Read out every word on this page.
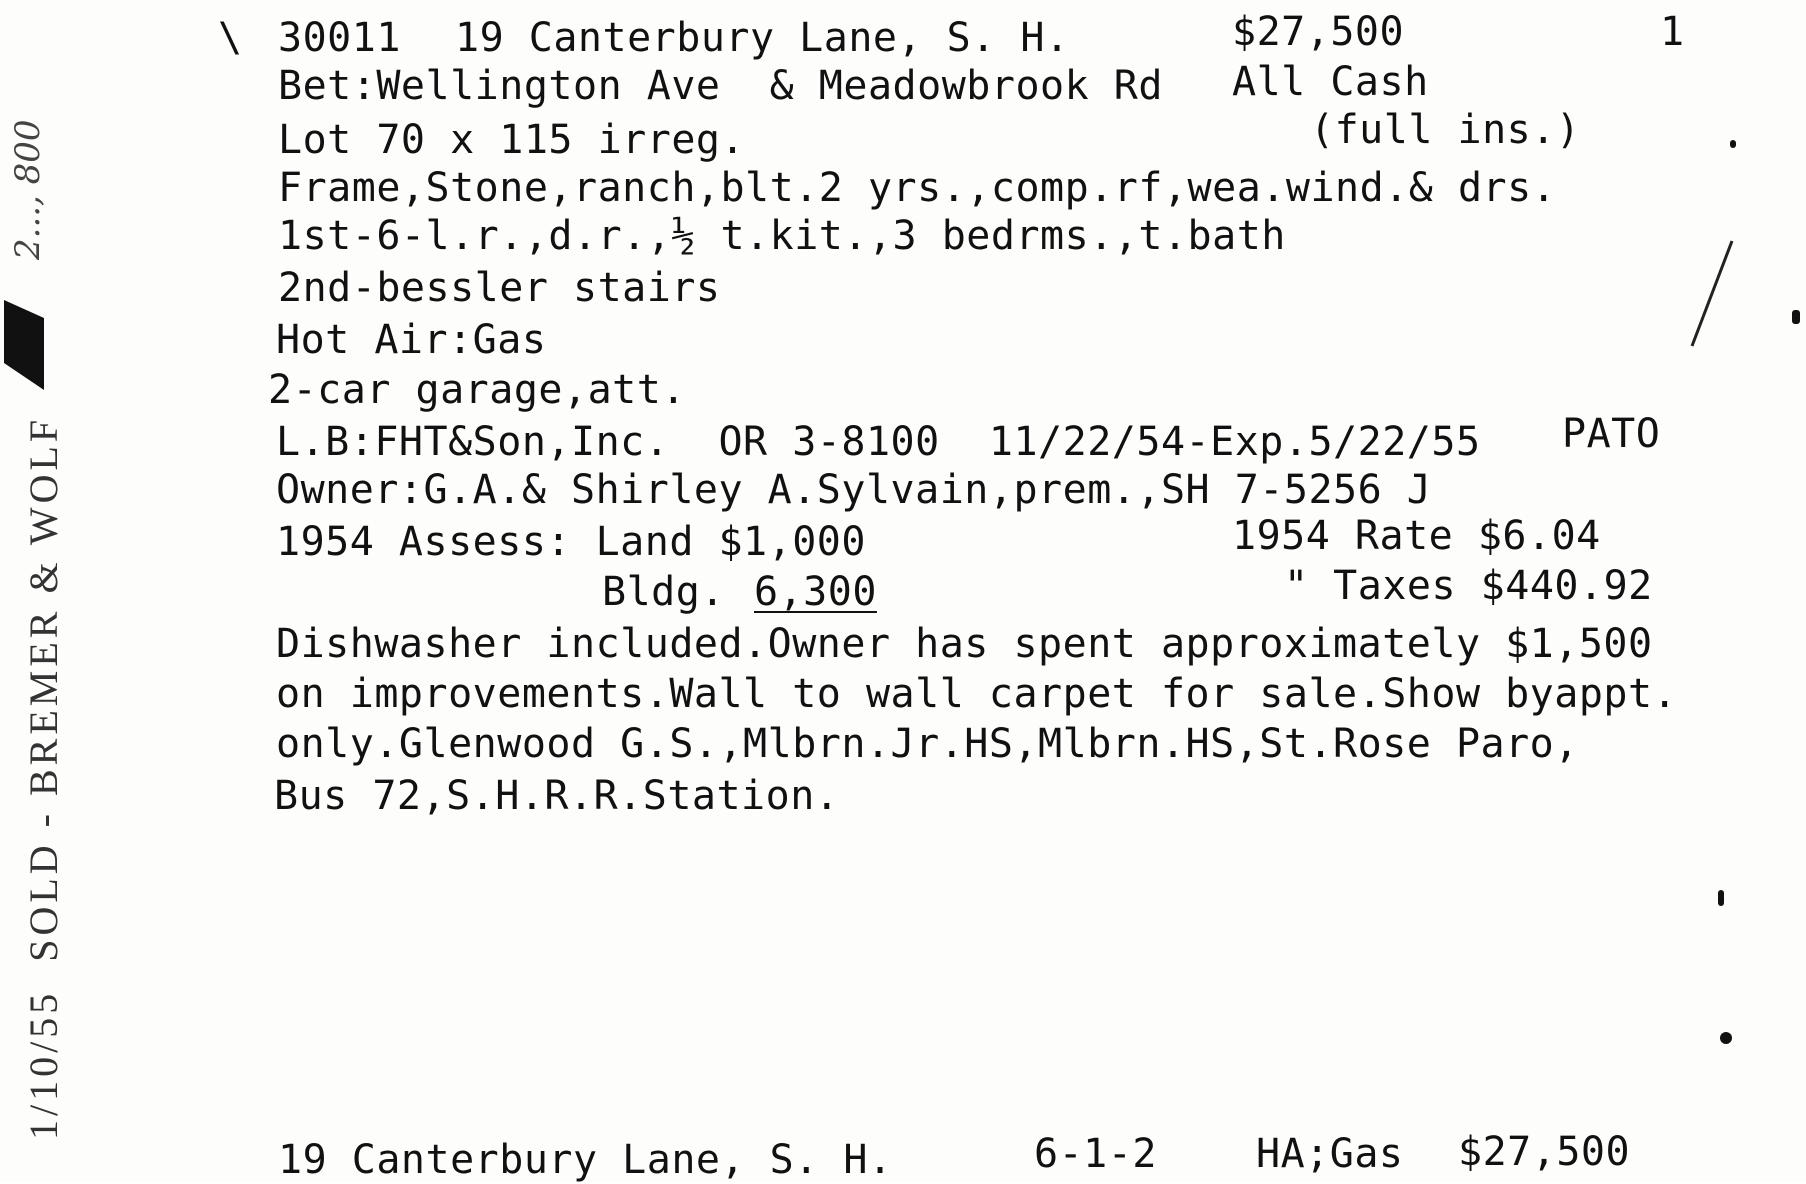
\ 30011 19 Canterbury Lane, S. H.	$27,500	1
Bet:Wellington Ave  & Meadowbrook Rd All Cash
Lot 70 x 115 irreg.	(full ins.)
Frame,Stone,ranch,blt.2 yrs.,comp.rf,wea.wind.& drs.
1st-6-l.r.,d.r.,½ t.kit.,3 bedrms.,t.bath
2nd-bessler stairs
Hot Air:Gas
2-car garage,att.
L.B:FHT&Son,Inc.  OR 3-8100  11/22/54-Exp.5/22/55 PATO
Owner:G.A.& Shirley A.Sylvain,prem.,SH 7-5256 J
1954 Assess: Land $1,000	1954 Rate $6.04
Bldg. 6,300	" Taxes $440.92
Dishwasher included.Owner has spent approximately $1,500
on improvements.Wall to wall carpet for sale.Show byappt.
only.Glenwood G.S.,Mlbrn.Jr.HS,Mlbrn.HS,St.Rose Paro,
Bus 72,S.H.R.R.Station.
19 Canterbury Lane, S. H.	6-1-2 HA;Gas $27,500
1/10/55  SOLD - BREMER & WOLF
2..., 800
